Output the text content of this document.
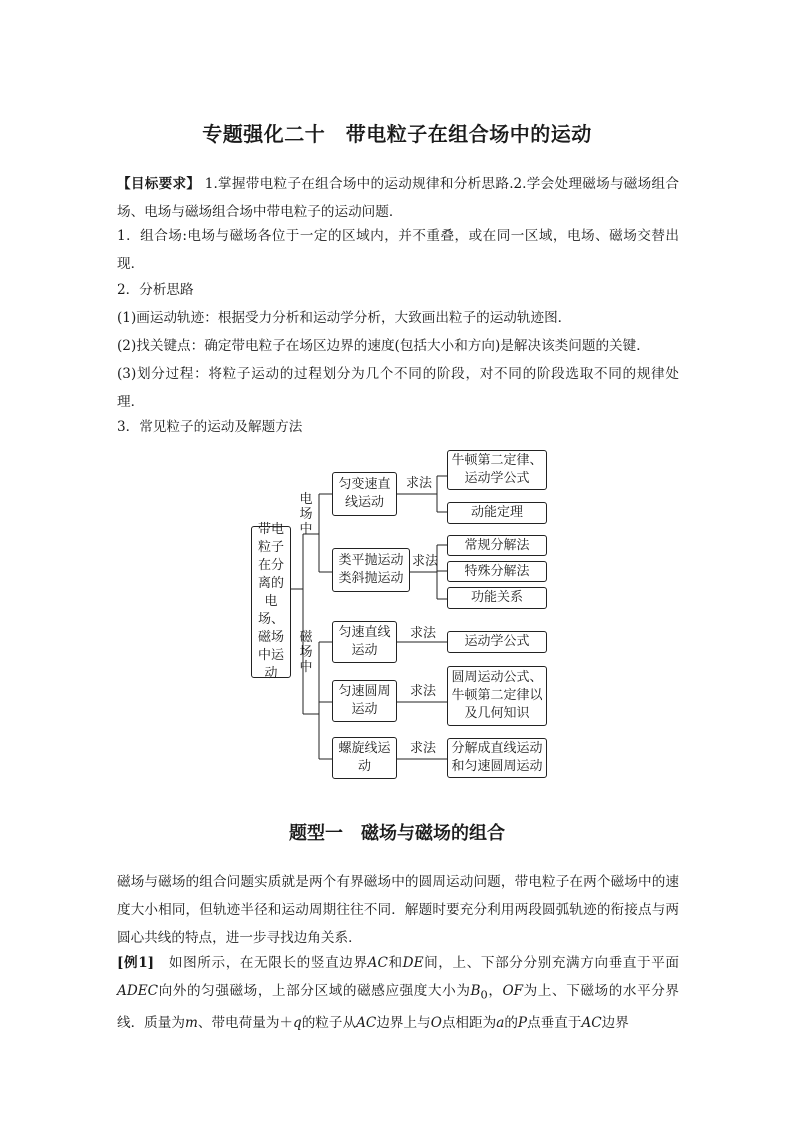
专题强化二十　带电粒子在组合场中的运动
【目标要求】 1.掌握带电粒子在组合场中的运动规律和分析思路.2.学会处理磁场与磁场组合场、电场与磁场组合场中带电粒子的运动问题．
1．组合场:电场与磁场各位于一定的区域内，并不重叠，或在同一区域，电场、磁场交替出现．
2．分析思路
(1)画运动轨迹：根据受力分析和运动学分析，大致画出粒子的运动轨迹图．
(2)找关键点：确定带电粒子在场区边界的速度(包括大小和方向)是解决该类问题的关键．
(3)划分过程：将粒子运动的过程划分为几个不同的阶段，对不同的阶段选取不同的规律处理．
3．常见粒子的运动及解题方法
带电粒子在分离的电场、磁场中运动
电场中
磁场中
匀变速直线运动
求法
牛顿第二定律、运动学公式
动能定理
类平抛运动类斜抛运动
求法
常规分解法
特殊分解法
功能关系
匀速直线运动
求法
运动学公式
匀速圆周运动
求法
圆周运动公式、牛顿第二定律以及几何知识
螺旋线运动
求法	分解成直线运动和匀速圆周运动
题型一　磁场与磁场的组合
磁场与磁场的组合问题实质就是两个有界磁场中的圆周运动问题，带电粒子在两个磁场中的速度大小相同，但轨迹半径和运动周期往往不同．解题时要充分利用两段圆弧轨迹的衔接点与两圆心共线的特点，进一步寻找边角关系．
[例1]　如图所示，在无限长的竖直边界AC和DE间，上、下部分分别充满方向垂直于平面ADEC向外的匀强磁场，上部分区域的磁感应强度大小为$B_0$，OF为上、下磁场的水平分界线．质量为m、带电荷量为＋q的粒子从AC边界上与O点相距为a的P点垂直于AC边界
